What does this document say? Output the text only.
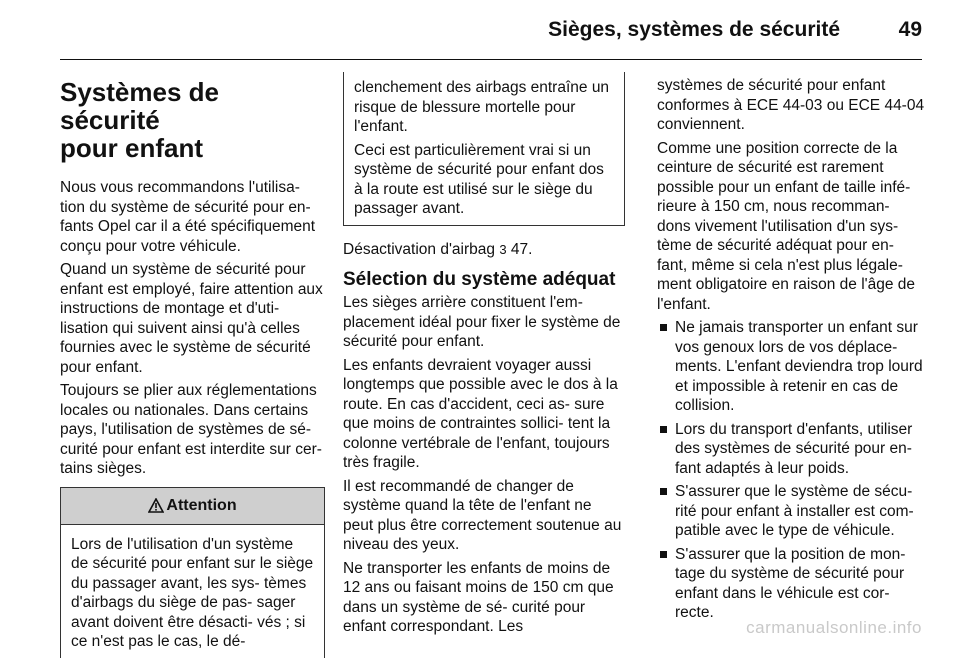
Sièges, systèmes de sécurité	49
Systèmes de sécurité
pour enfant

Nous vous recommandons l'utilisa- tion du système de sécurité pour en- fants Opel car il a été spécifiquement conçu pour votre véhicule.

Quand un système de sécurité pour enfant est employé, faire attention aux instructions de montage et d'uti- lisation qui suivent ainsi qu'à celles fournies avec le système de sécurité pour enfant.

Toujours se plier aux réglementations locales ou nationales. Dans certains pays, l'utilisation de systèmes de sé- curité pour enfant est interdite sur cer- tains sièges.

Attention
Lors de l'utilisation d'un système de sécurité pour enfant sur le siège du passager avant, les sys- tèmes d'airbags du siège de pas- sager avant doivent être désacti- vés ; si ce n'est pas le cas, le dé-

clenchement des airbags entraîne un risque de blessure mortelle pour l'enfant.

Ceci est particulièrement vrai si un système de sécurité pour enfant dos à la route est utilisé sur le siège du passager avant.

Désactivation d'airbag 3 47.

Sélection du système adéquat

Les sièges arrière constituent l'em- placement idéal pour fixer le système de sécurité pour enfant.

Les enfants devraient voyager aussi longtemps que possible avec le dos à la route. En cas d'accident, ceci as- sure que moins de contraintes sollici- tent la colonne vertébrale de l'enfant, toujours très fragile.

Il est recommandé de changer de système quand la tête de l'enfant ne peut plus être correctement soutenue au niveau des yeux.

Ne transporter les enfants de moins de 12 ans ou faisant moins de 150 cm que dans un système de sé- curité pour enfant correspondant. Les

systèmes de sécurité pour enfant conformes à ECE 44-03 ou ECE 44-04 conviennent.

Comme une position correcte de la ceinture de sécurité est rarement possible pour un enfant de taille infé- rieure à 150 cm, nous recomman- dons vivement l'utilisation d'un sys- tème de sécurité adéquat pour en- fant, même si cela n'est plus légale- ment obligatoire en raison de l'âge de l'enfant.

Ne jamais transporter un enfant sur vos genoux lors de vos déplace- ments. L'enfant deviendra trop lourd et impossible à retenir en cas de collision.
Lors du transport d'enfants, utiliser des systèmes de sécurité pour en- fant adaptés à leur poids.
S'assurer que le système de sécu- rité pour enfant à installer est com- patible avec le type de véhicule.
S'assurer que la position de mon- tage du système de sécurité pour enfant dans le véhicule est cor- recte.
carmanualsonline.info
